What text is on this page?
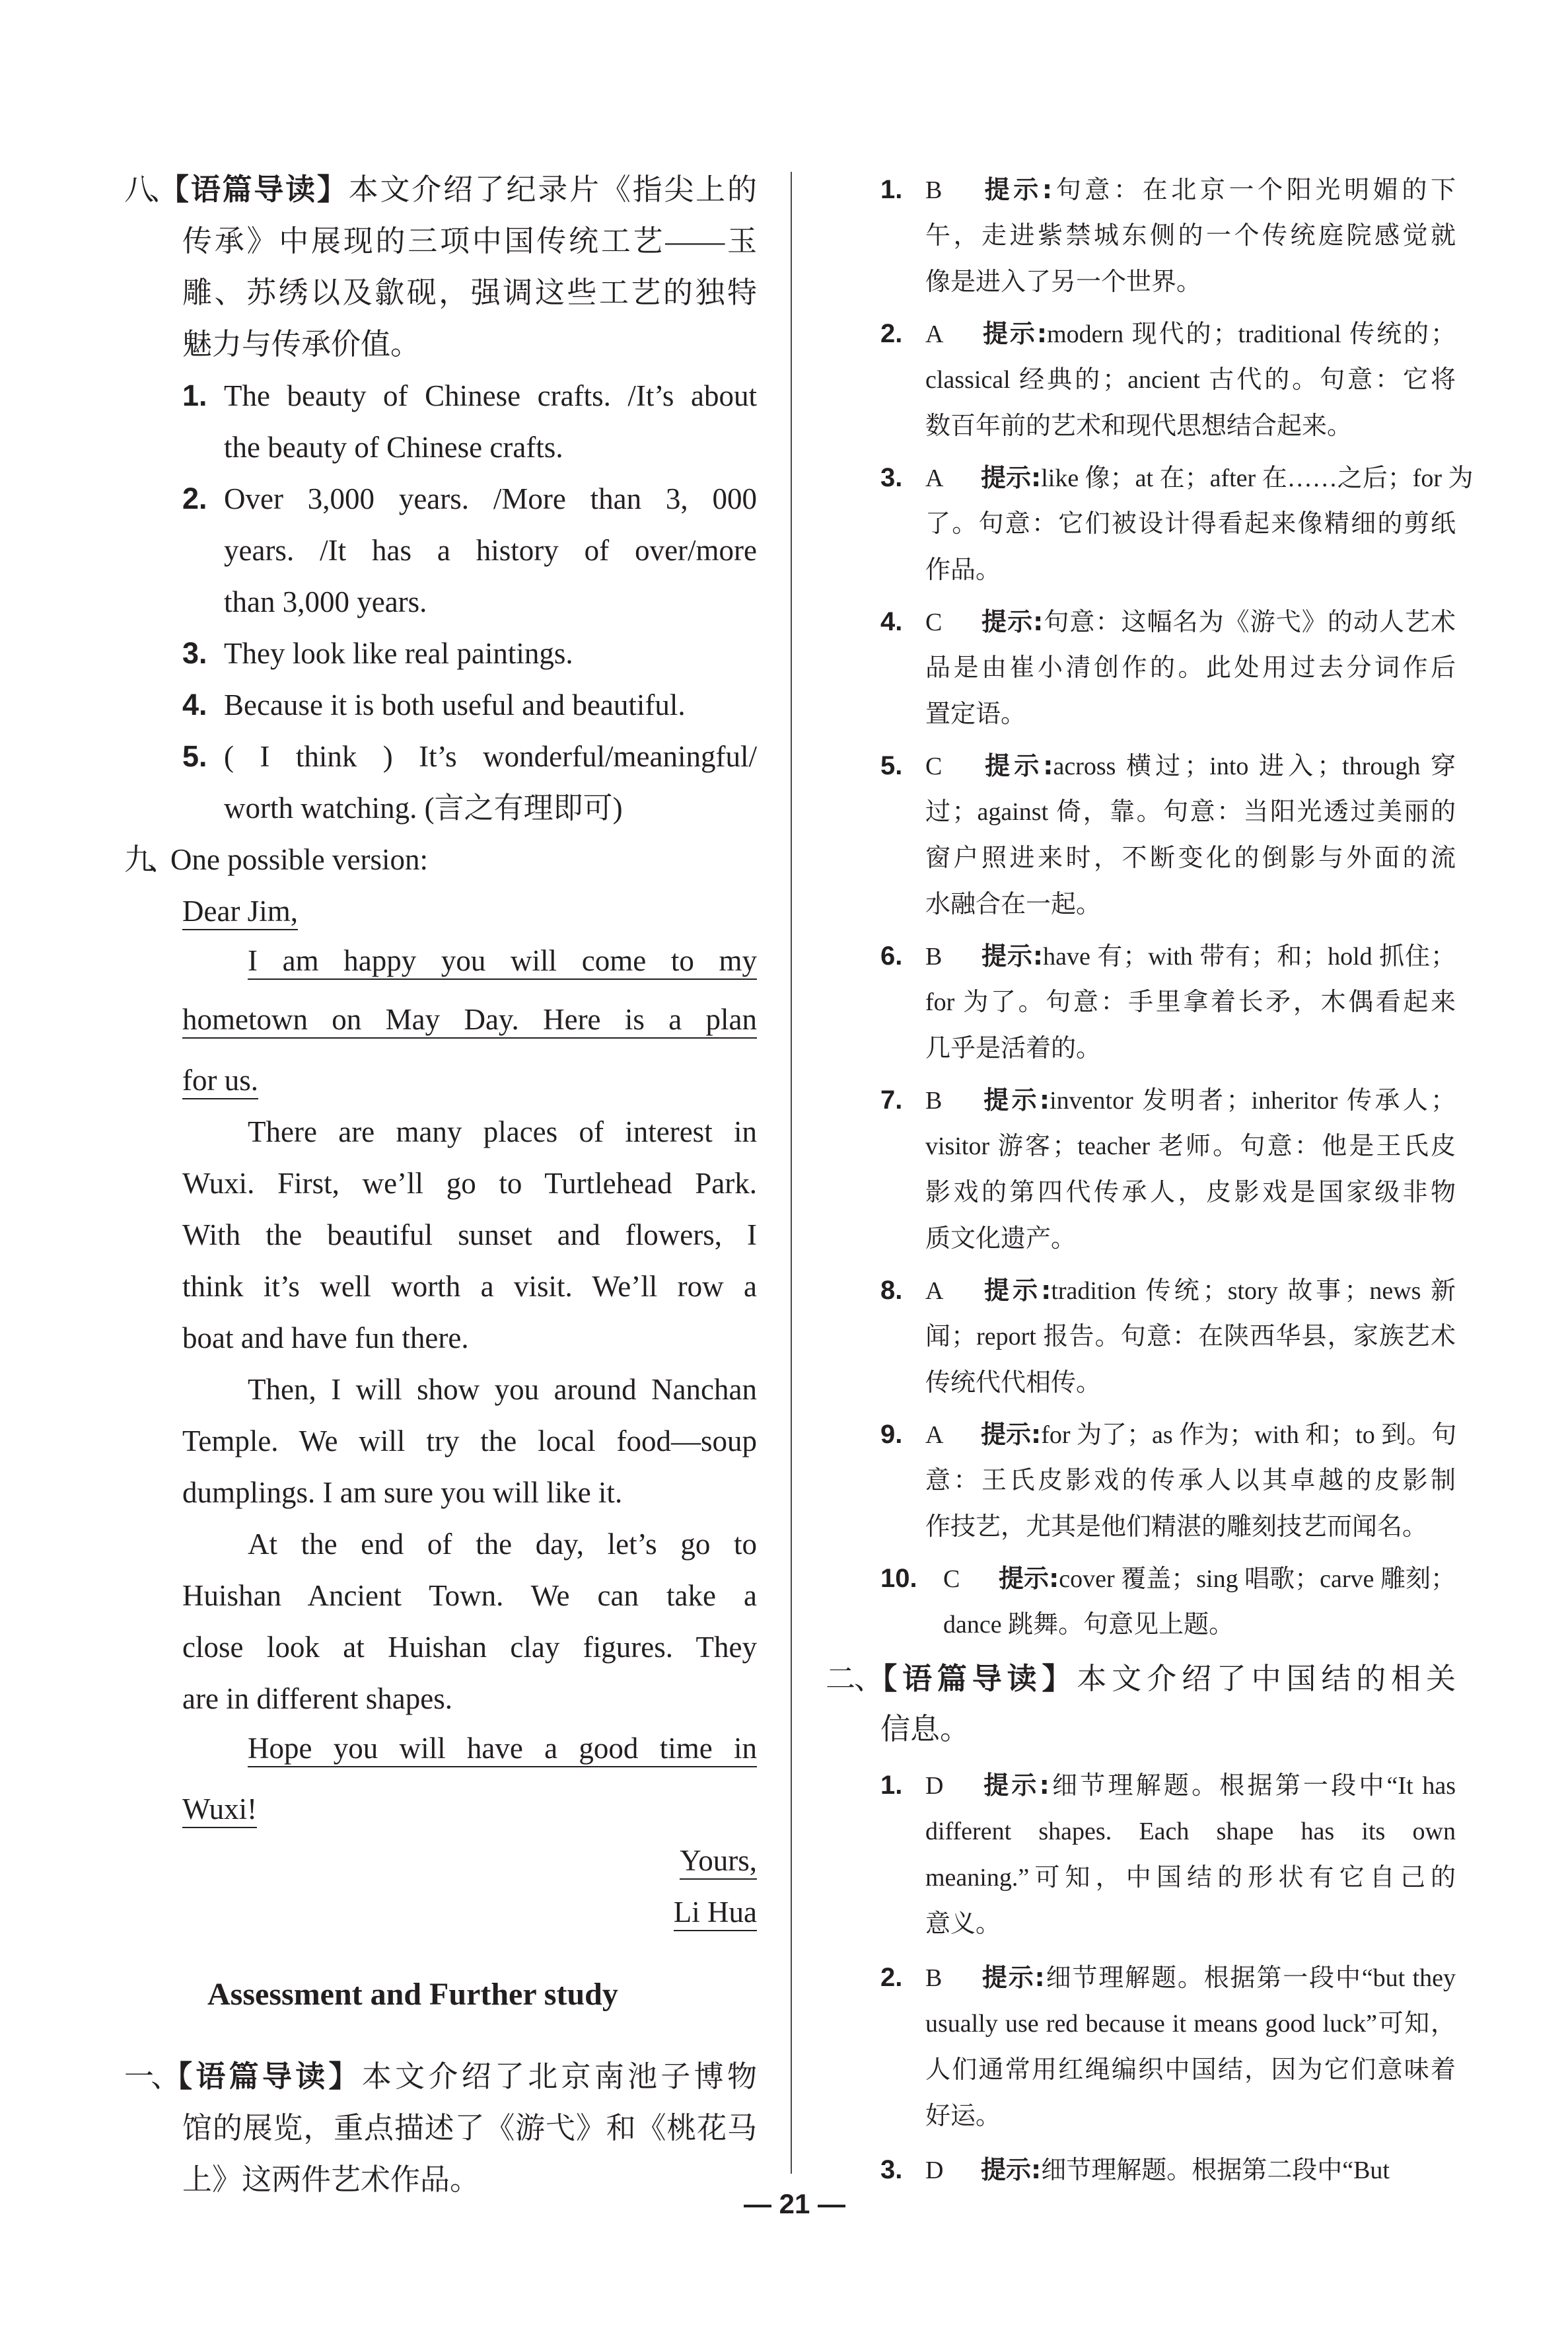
八、【语篇导读】本文介绍了纪录片《指尖上的
传承》中展现的三项中国传统工艺——玉
雕、苏绣以及歙砚，强调这些工艺的独特
魅力与传承价值。
1. The beauty of Chinese crafts. /It’s about
the beauty of Chinese crafts.
2. Over 3,000 years. /More than 3, 000
years. /It has a history of over/more
than 3,000 years.
3. They look like real paintings.
4. Because it is both useful and beautiful.
5. ( I think ) It’s wonderful/meaningful/
worth watching. (言之有理即可)
九、One possible version:
Dear Jim,
I am happy you will come to my
hometown on May Day. Here is a plan
for us.
There are many places of interest in
Wuxi. First, we’ll go to Turtlehead Park.
With the beautiful sunset and flowers, I
think it’s well worth a visit. We’ll row a
boat and have fun there.
Then, I will show you around Nanchan
Temple. We will try the local food—soup
dumplings. I am sure you will like it.
At the end of the day, let’s go to
Huishan Ancient Town. We can take a
close look at Huishan clay figures. They
are in different shapes.
Hope you will have a good time in
Wuxi!
Yours,
Li Hua
Assessment and Further study
一、【语篇导读】本文介绍了北京南池子博物
馆的展览，重点描述了《游弋》和《桃花马
上》这两件艺术作品。
1. B 提示:句意：在北京一个阳光明媚的下
午，走进紫禁城东侧的一个传统庭院感觉就
像是进入了另一个世界。
2. A 提示:modern 现代的；traditional 传统的；
classical 经典的；ancient 古代的。句意：它将
数百年前的艺术和现代思想结合起来。
3. A 提示:like 像；at 在；after 在……之后；for 为
了。句意：它们被设计得看起来像精细的剪纸
作品。
4. C 提示:句意：这幅名为《游弋》的动人艺术
品是由崔小清创作的。此处用过去分词作后
置定语。
5. C 提示:across 横过；into 进入；through 穿
过；against 倚，靠。句意：当阳光透过美丽的
窗户照进来时，不断变化的倒影与外面的流
水融合在一起。
6. B 提示:have 有；with 带有；和；hold 抓住；
for 为了。句意：手里拿着长矛，木偶看起来
几乎是活着的。
7. B 提示:inventor 发明者；inheritor 传承人；
visitor 游客；teacher 老师。句意：他是王氏皮
影戏的第四代传承人，皮影戏是国家级非物
质文化遗产。
8. A 提示:tradition 传统；story 故事；news 新
闻；report 报告。句意：在陕西华县，家族艺术
传统代代相传。
9. A 提示:for 为了；as 作为；with 和；to 到。句
意：王氏皮影戏的传承人以其卓越的皮影制
作技艺，尤其是他们精湛的雕刻技艺而闻名。
10. C 提示:cover 覆盖；sing 唱歌；carve 雕刻；
dance 跳舞。句意见上题。
二、【语篇导读】本文介绍了中国结的相关
信息。
1. D 提示:细节理解题。根据第一段中“It has
different shapes. Each shape has its own
meaning.”可知，中国结的形状有它自己的
意义。
2. B 提示:细节理解题。根据第一段中“but they
usually use red because it means good luck”可知，
人们通常用红绳编织中国结，因为它们意味着
好运。
3. D 提示:细节理解题。根据第二段中“But
— 21 —
